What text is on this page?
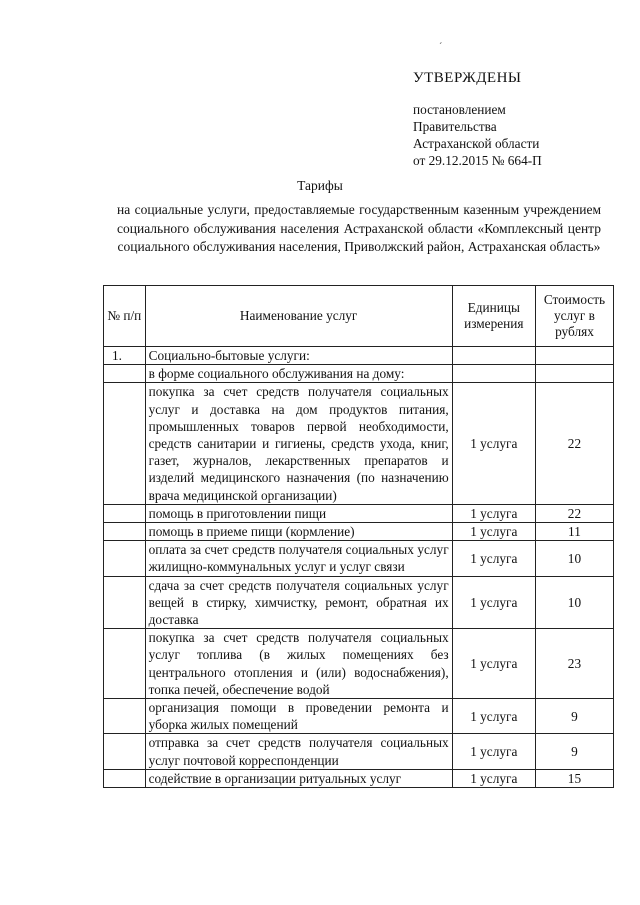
ˊ
УТВЕРЖДЕНЫ
постановлением
Правительства
Астраханской области
от 29.12.2015 № 664-П
Тарифы
на социальные услуги, предоставляемые государственным казенным учреждением социального обслуживания населения Астраханской области «Комплексный центр социального обслуживания населения, Приволжский район, Астраханская область»
№ п/п	Наименование услуг	Единицы измерения	Стоимость услуг в рублях
1.	Социально-бытовые услуги:		
	в форме социального обслуживания на дому:		
	покупка за счет средств получателя социальных услуг и доставка на дом продуктов питания, промышленных товаров первой необходимости, средств санитарии и гигиены, средств ухода, книг, газет, журналов, лекарственных препаратов и изделий медицинского назначения (по назначению врача медицинской организации)	1 услуга	22
	помощь в приготовлении пищи	1 услуга	22
	помощь в приеме пищи (кормление)	1 услуга	11
	оплата за счет средств получателя социальных услуг жилищно-коммунальных услуг и услуг связи	1 услуга	10
	сдача за счет средств получателя социальных услуг вещей в стирку, химчистку, ремонт, обратная их доставка	1 услуга	10
	покупка за счет средств получателя социальных услуг топлива (в жилых помещениях без центрального отопления и (или) водоснабжения), топка печей, обеспечение водой	1 услуга	23
	организация помощи в проведении ремонта и уборка жилых помещений	1 услуга	9
	отправка за счет средств получателя социальных услуг почтовой корреспонденции	1 услуга	9
	содействие в организации ритуальных услуг	1 услуга	15
